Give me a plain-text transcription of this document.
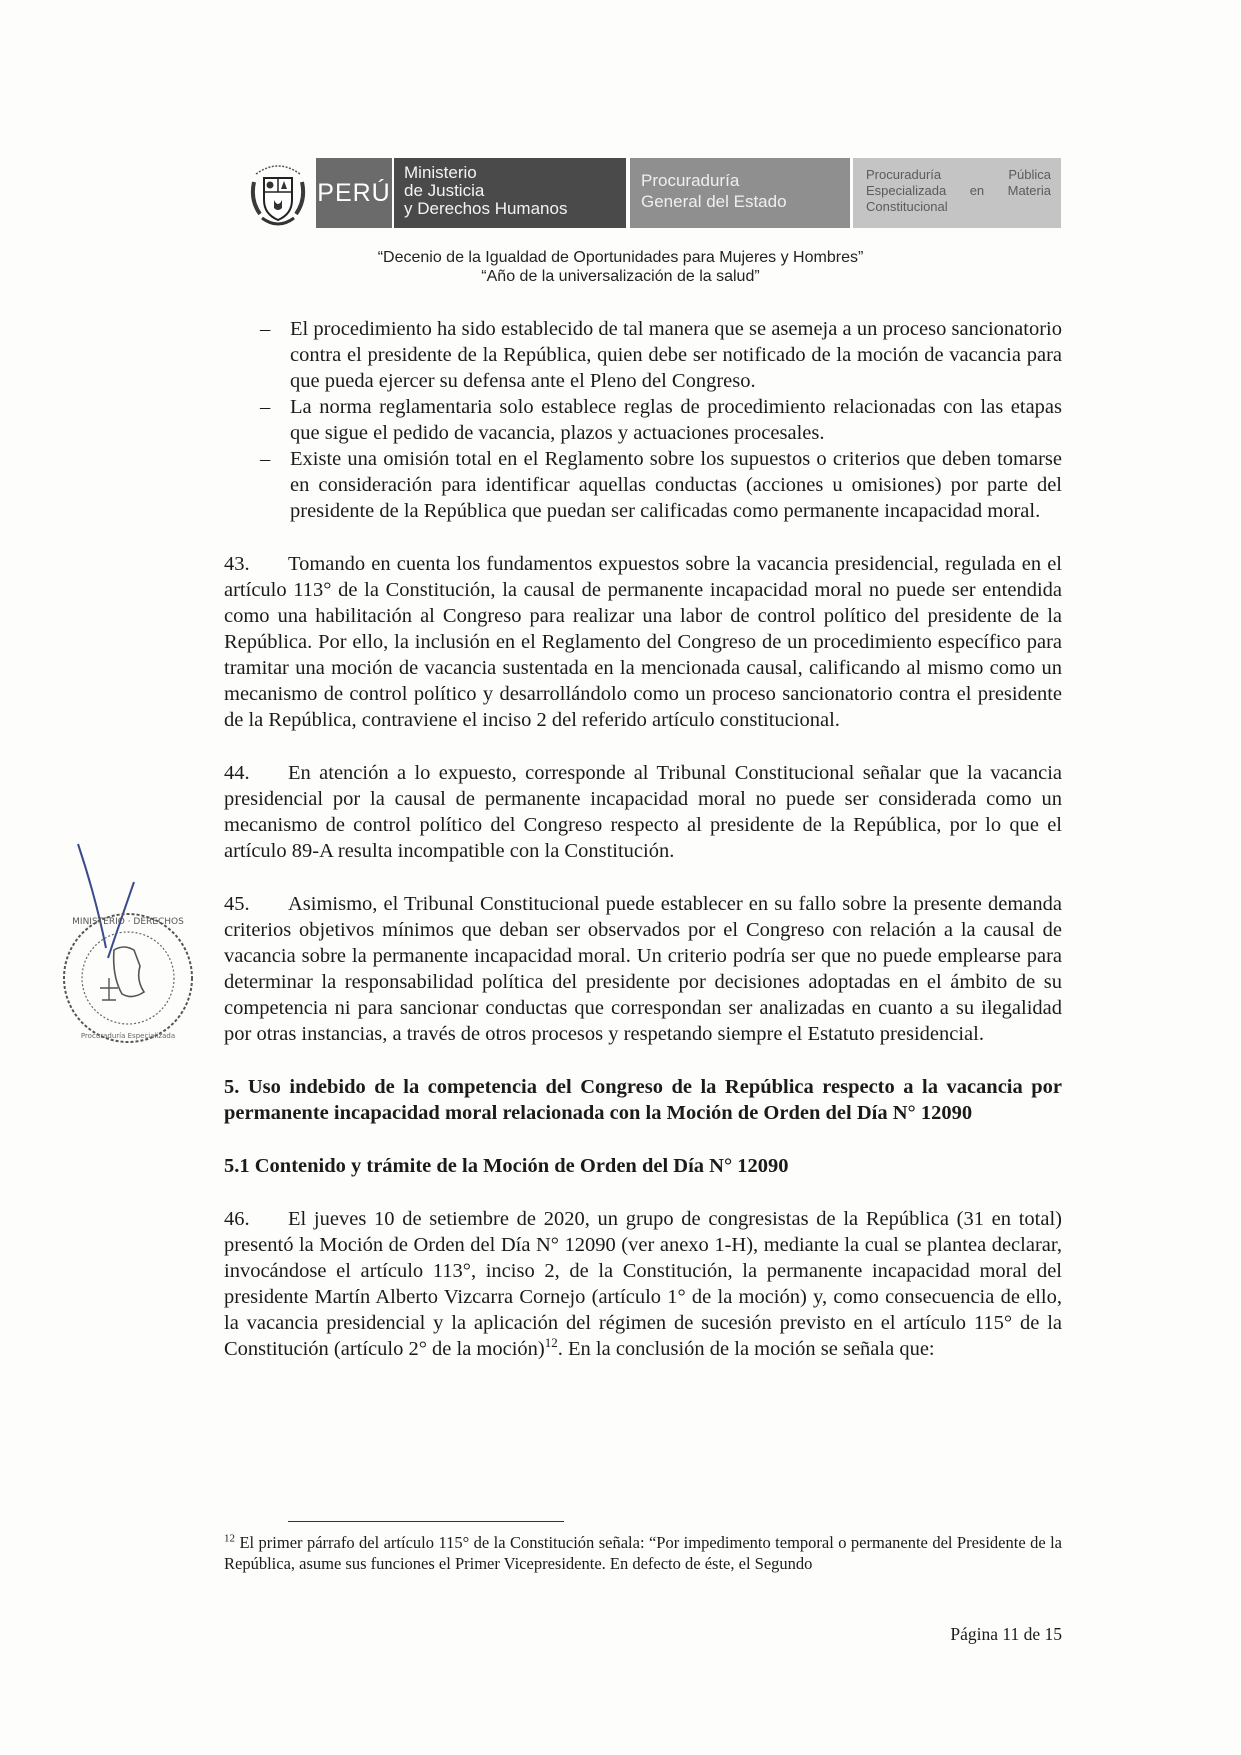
PERÚ
Ministerio
de Justicia
y Derechos Humanos
Procuraduría
General del Estado
Procuraduría	Pública
Especializada en Materia
Constitucional
“Decenio de la Igualdad de Oportunidades para Mujeres y Hombres”
“Año de la universalización de la salud”
MINISTERIO · DERECHOS
Procuraduría Especializada
– El procedimiento ha sido establecido de tal manera que se asemeja a un proceso sancionatorio contra el presidente de la República, quien debe ser notificado de la moción de vacancia para que pueda ejercer su defensa ante el Pleno del Congreso.
– La norma reglamentaria solo establece reglas de procedimiento relacionadas con las etapas que sigue el pedido de vacancia, plazos y actuaciones procesales.
– Existe una omisión total en el Reglamento sobre los supuestos o criterios que deben tomarse en consideración para identificar aquellas conductas (acciones u omisiones) por parte del presidente de la República que puedan ser calificadas como permanente incapacidad moral.
43. Tomando en cuenta los fundamentos expuestos sobre la vacancia presidencial, regulada en el artículo 113° de la Constitución, la causal de permanente incapacidad moral no puede ser entendida como una habilitación al Congreso para realizar una labor de control político del presidente de la República. Por ello, la inclusión en el Reglamento del Congreso de un procedimiento específico para tramitar una moción de vacancia sustentada en la mencionada causal, calificando al mismo como un mecanismo de control político y desarrollándolo como un proceso sancionatorio contra el presidente de la República, contraviene el inciso 2 del referido artículo constitucional.
44. En atención a lo expuesto, corresponde al Tribunal Constitucional señalar que la vacancia presidencial por la causal de permanente incapacidad moral no puede ser considerada como un mecanismo de control político del Congreso respecto al presidente de la República, por lo que el artículo 89-A resulta incompatible con la Constitución.
45. Asimismo, el Tribunal Constitucional puede establecer en su fallo sobre la presente demanda criterios objetivos mínimos que deban ser observados por el Congreso con relación a la causal de vacancia sobre la permanente incapacidad moral. Un criterio podría ser que no puede emplearse para determinar la responsabilidad política del presidente por decisiones adoptadas en el ámbito de su competencia ni para sancionar conductas que correspondan ser analizadas en cuanto a su ilegalidad por otras instancias, a través de otros procesos y respetando siempre el Estatuto presidencial.
5. Uso indebido de la competencia del Congreso de la República respecto a la vacancia por permanente incapacidad moral relacionada con la Moción de Orden del Día N° 12090
5.1 Contenido y trámite de la Moción de Orden del Día N° 12090
46. El jueves 10 de setiembre de 2020, un grupo de congresistas de la República (31 en total) presentó la Moción de Orden del Día N° 12090 (ver anexo 1-H), mediante la cual se plantea declarar, invocándose el artículo 113°, inciso 2, de la Constitución, la permanente incapacidad moral del presidente Martín Alberto Vizcarra Cornejo (artículo 1° de la moción) y, como consecuencia de ello, la vacancia presidencial y la aplicación del régimen de sucesión previsto en el artículo 115° de la Constitución (artículo 2° de la moción)$^{12}$. En la conclusión de la moción se señala que:
$^{12}$ El primer párrafo del artículo 115° de la Constitución señala: “Por impedimento temporal o permanente del Presidente de la República, asume sus funciones el Primer Vicepresidente. En defecto de éste, el Segundo
Página 11 de 15
